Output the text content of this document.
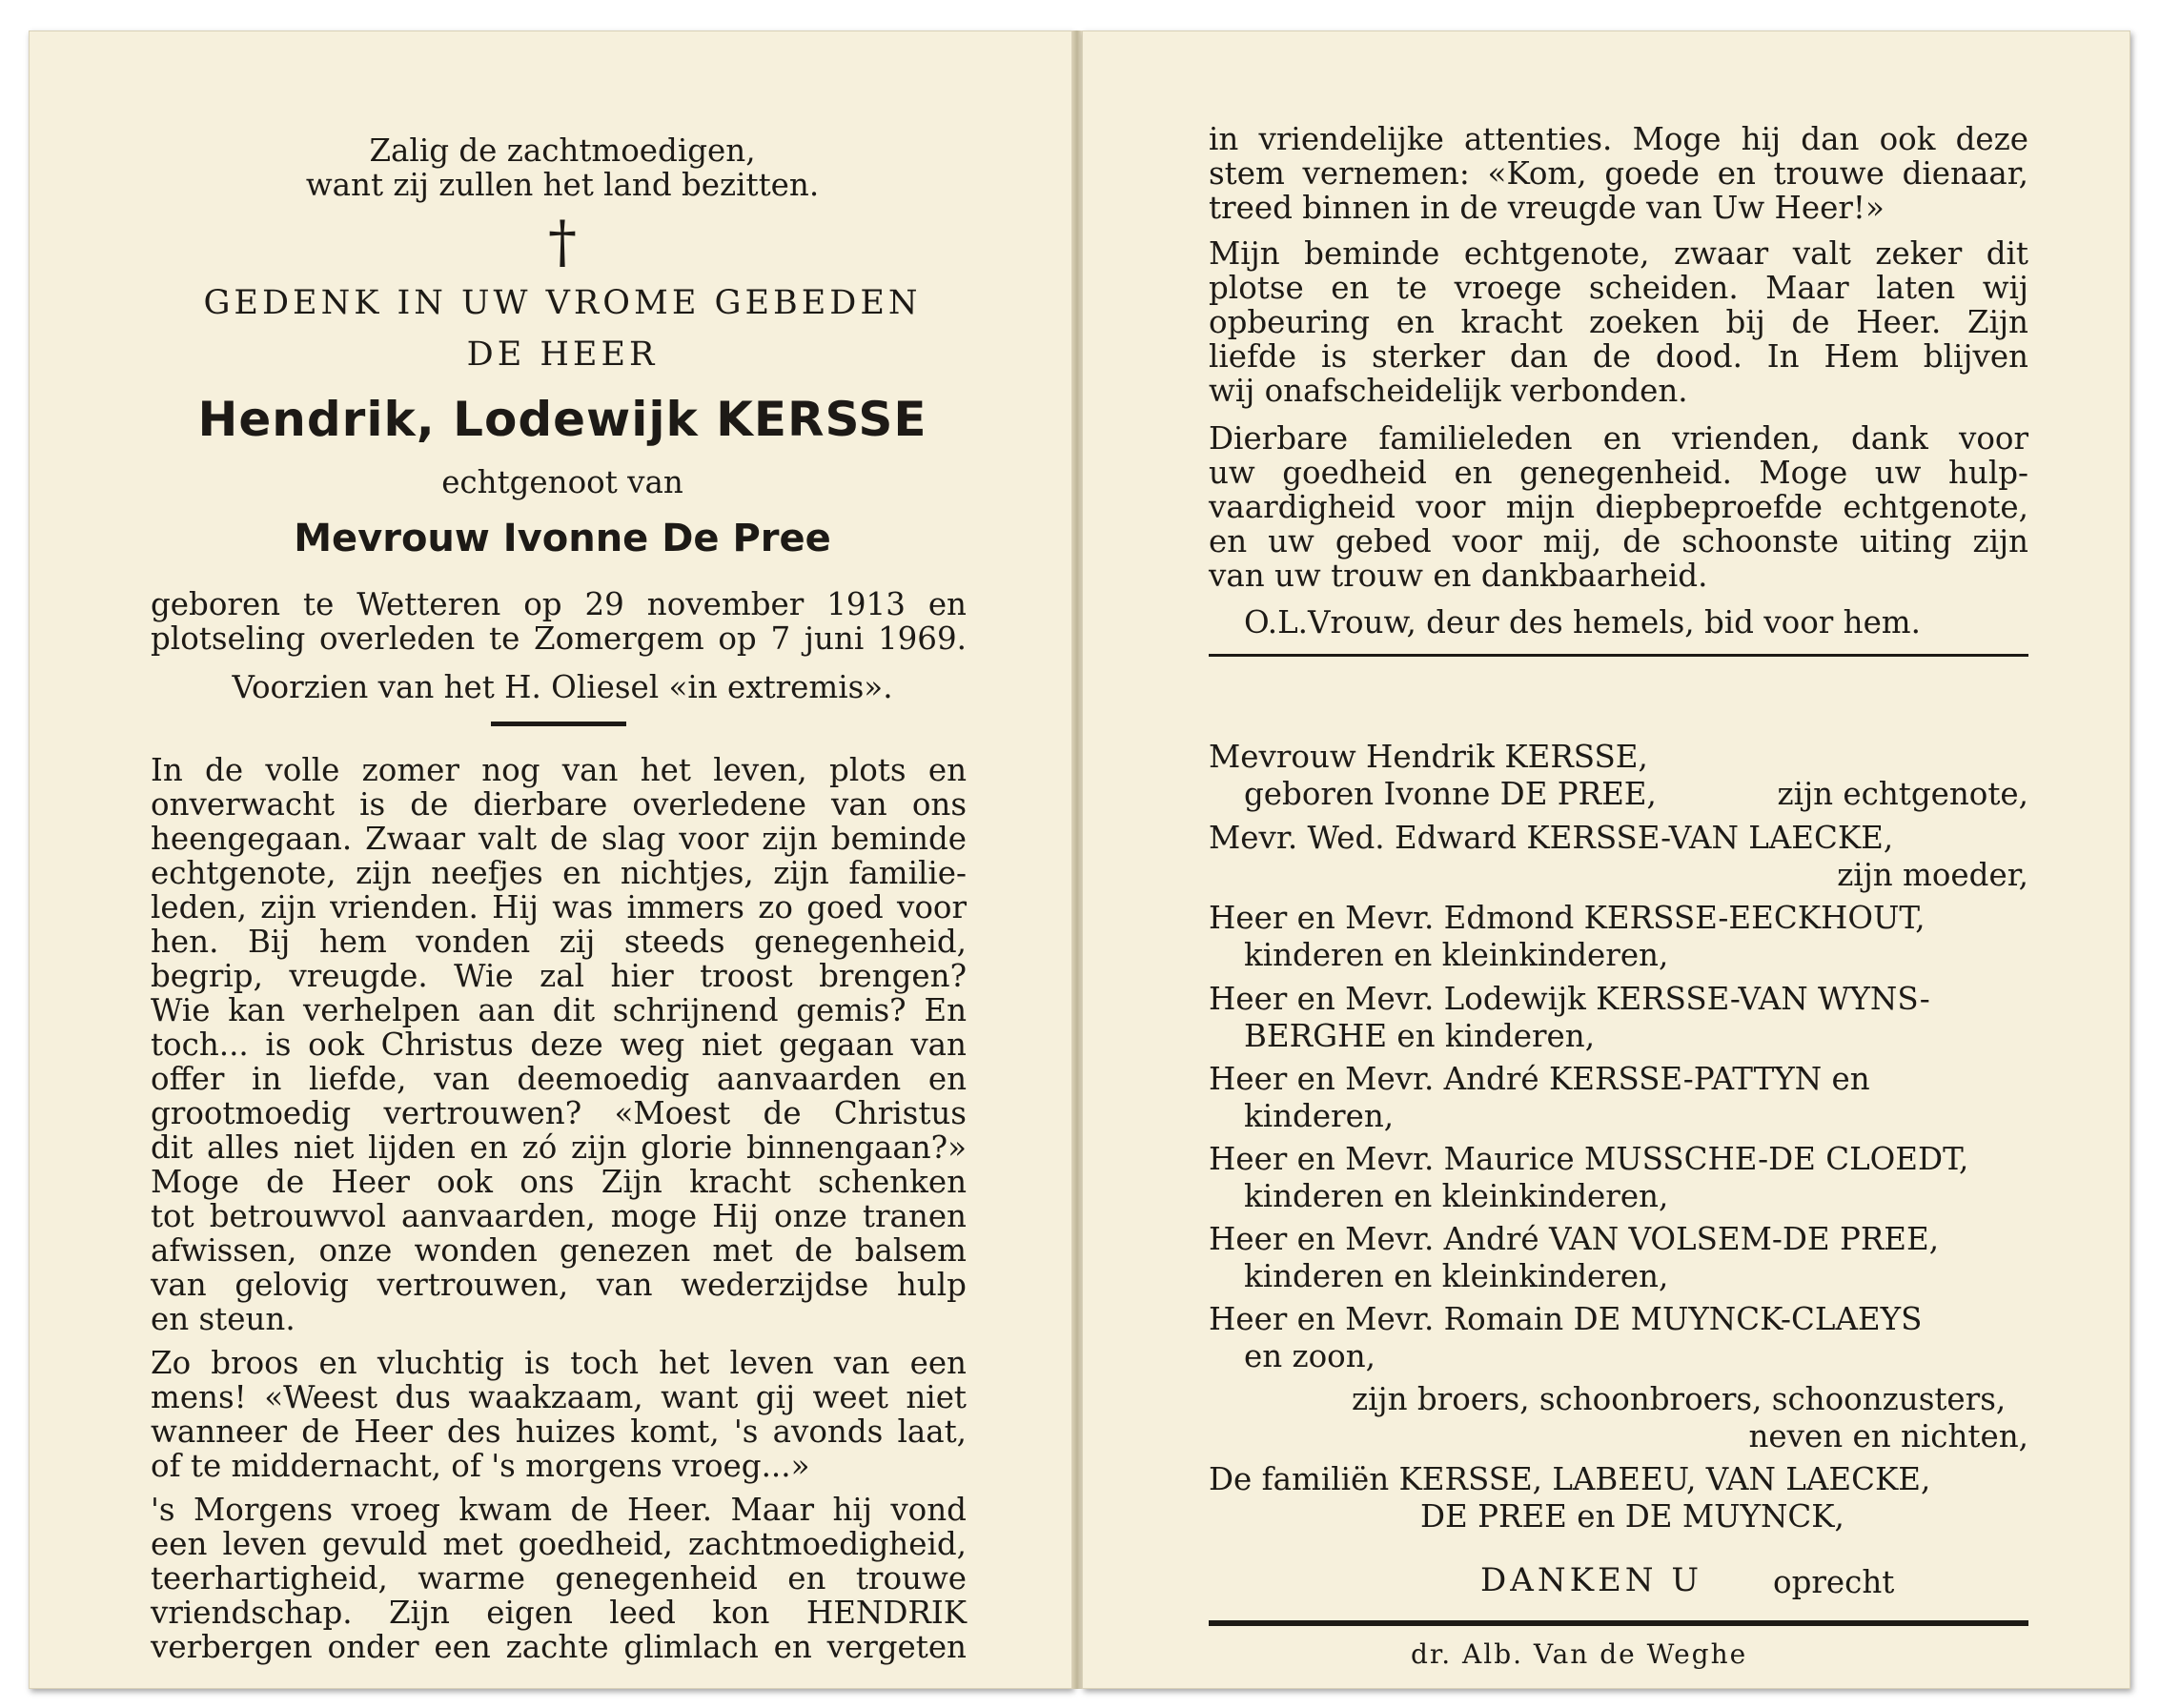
Zalig de zachtmoedigen,
want zij zullen het land bezitten.
†
GEDENK IN UW VROME GEBEDEN
DE HEER
Hendrik, Lodewijk KERSSE
echtgenoot van
Mevrouw Ivonne De Pree
geboren te Wetteren op 29 november 1913 en
plotseling overleden te Zomergem op 7 juni 1969.
Voorzien van het H. Oliesel «in extremis».
In de volle zomer nog van het leven, plots en
onverwacht is de dierbare overledene van ons
heengegaan. Zwaar valt de slag voor zijn beminde
echtgenote, zijn neefjes en nichtjes, zijn familie-
leden, zijn vrienden. Hij was immers zo goed voor
hen. Bij hem vonden zij steeds genegenheid,
begrip, vreugde. Wie zal hier troost brengen?
Wie kan verhelpen aan dit schrijnend gemis? En
toch... is ook Christus deze weg niet gegaan van
offer in liefde, van deemoedig aanvaarden en
grootmoedig vertrouwen? «Moest de Christus
dit alles niet lijden en zó zijn glorie binnengaan?»
Moge de Heer ook ons Zijn kracht schenken
tot betrouwvol aanvaarden, moge Hij onze tranen
afwissen, onze wonden genezen met de balsem
van gelovig vertrouwen, van wederzijdse hulp
en steun.
Zo broos en vluchtig is toch het leven van een
mens! «Weest dus waakzaam, want gij weet niet
wanneer de Heer des huizes komt, 's avonds laat,
of te middernacht, of 's morgens vroeg...»
's Morgens vroeg kwam de Heer. Maar hij vond
een leven gevuld met goedheid, zachtmoedigheid,
teerhartigheid, warme genegenheid en trouwe
vriendschap. Zijn eigen leed kon HENDRIK
verbergen onder een zachte glimlach en vergeten
in vriendelijke attenties. Moge hij dan ook deze
stem vernemen: «Kom, goede en trouwe dienaar,
treed binnen in de vreugde van Uw Heer!»
Mijn beminde echtgenote, zwaar valt zeker dit
plotse en te vroege scheiden. Maar laten wij
opbeuring en kracht zoeken bij de Heer. Zijn
liefde is sterker dan de dood. In Hem blijven
wij onafscheidelijk verbonden.
Dierbare familieleden en vrienden, dank voor
uw goedheid en genegenheid. Moge uw hulp-
vaardigheid voor mijn diepbeproefde echtgenote,
en uw gebed voor mij, de schoonste uiting zijn
van uw trouw en dankbaarheid.
O.L.Vrouw, deur des hemels, bid voor hem.
Mevrouw Hendrik KERSSE,
geboren Ivonne DE PREE,	zijn echtgenote,
Mevr. Wed. Edward KERSSE-VAN LAECKE,
zijn moeder,
Heer en Mevr. Edmond KERSSE-EECKHOUT,
kinderen en kleinkinderen,
Heer en Mevr. Lodewijk KERSSE-VAN WYNS-
BERGHE en kinderen,
Heer en Mevr. André KERSSE-PATTYN en
kinderen,
Heer en Mevr. Maurice MUSSCHE-DE CLOEDT,
kinderen en kleinkinderen,
Heer en Mevr. André VAN VOLSEM-DE PREE,
kinderen en kleinkinderen,
Heer en Mevr. Romain DE MUYNCK-CLAEYS
en zoon,
zijn broers, schoonbroers, schoonzusters,
neven en nichten,
De familiën KERSSE, LABEEU, VAN LAECKE,
DE PREE en DE MUYNCK,
DANKEN U oprecht
dr. Alb. Van de Weghe
